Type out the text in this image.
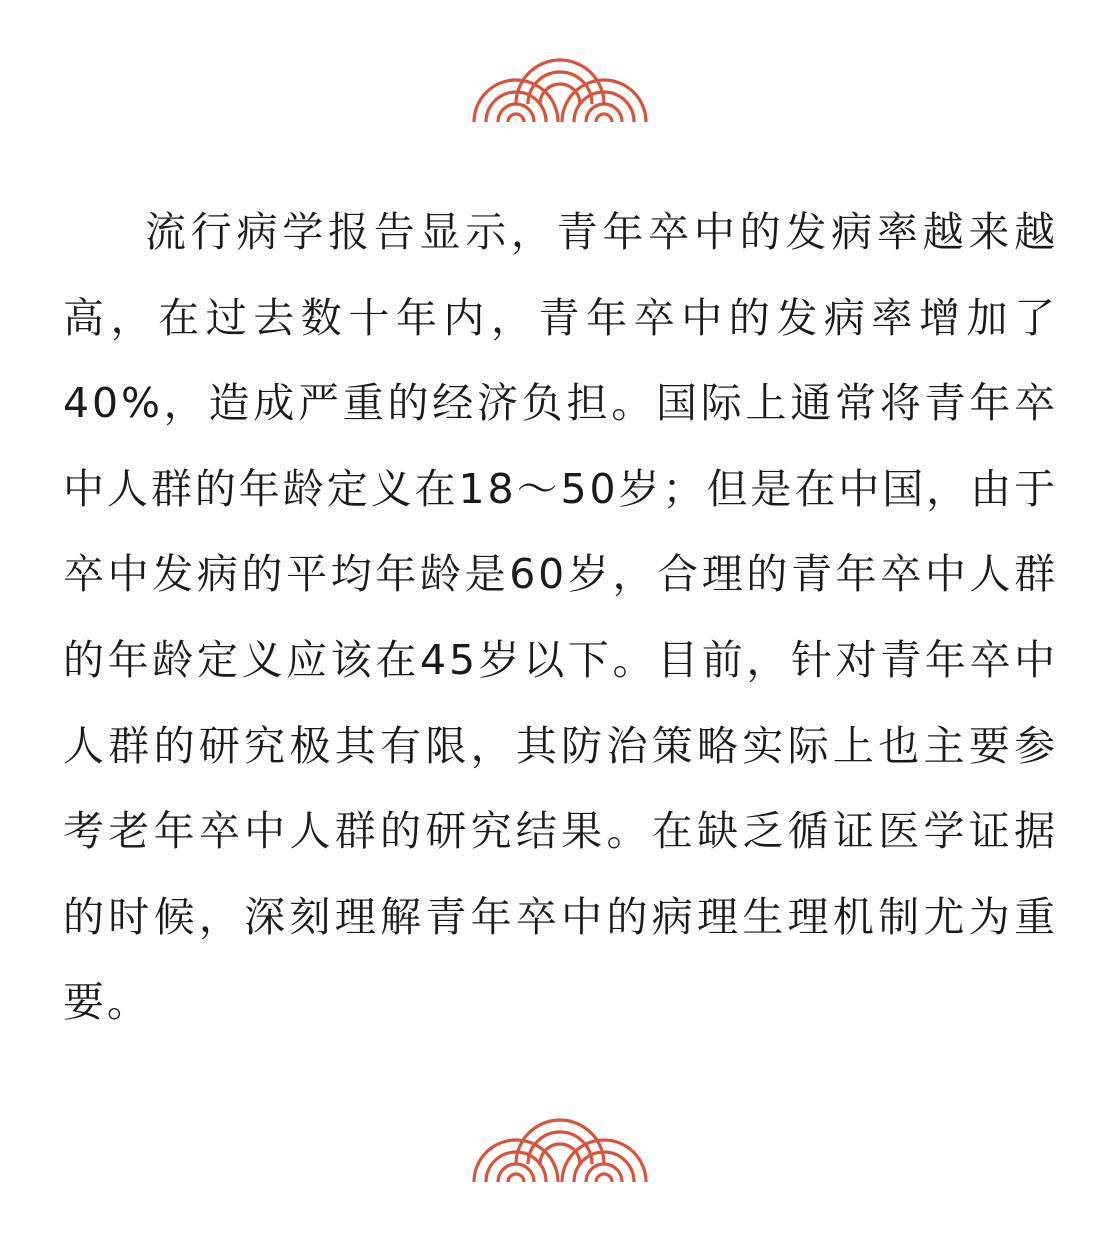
流行病学报告显示，青年卒中的发病率越来越高，在过去数十年内，青年卒中的发病率增加了40%，造成严重的经济负担。国际上通常将青年卒中人群的年龄定义在18～50岁；但是在中国，由于卒中发病的平均年龄是60岁，合理的青年卒中人群的年龄定义应该在45岁以下。目前，针对青年卒中人群的研究极其有限，其防治策略实际上也主要参考老年卒中人群的研究结果。在缺乏循证医学证据的时候，深刻理解青年卒中的病理生理机制尤为重要。
